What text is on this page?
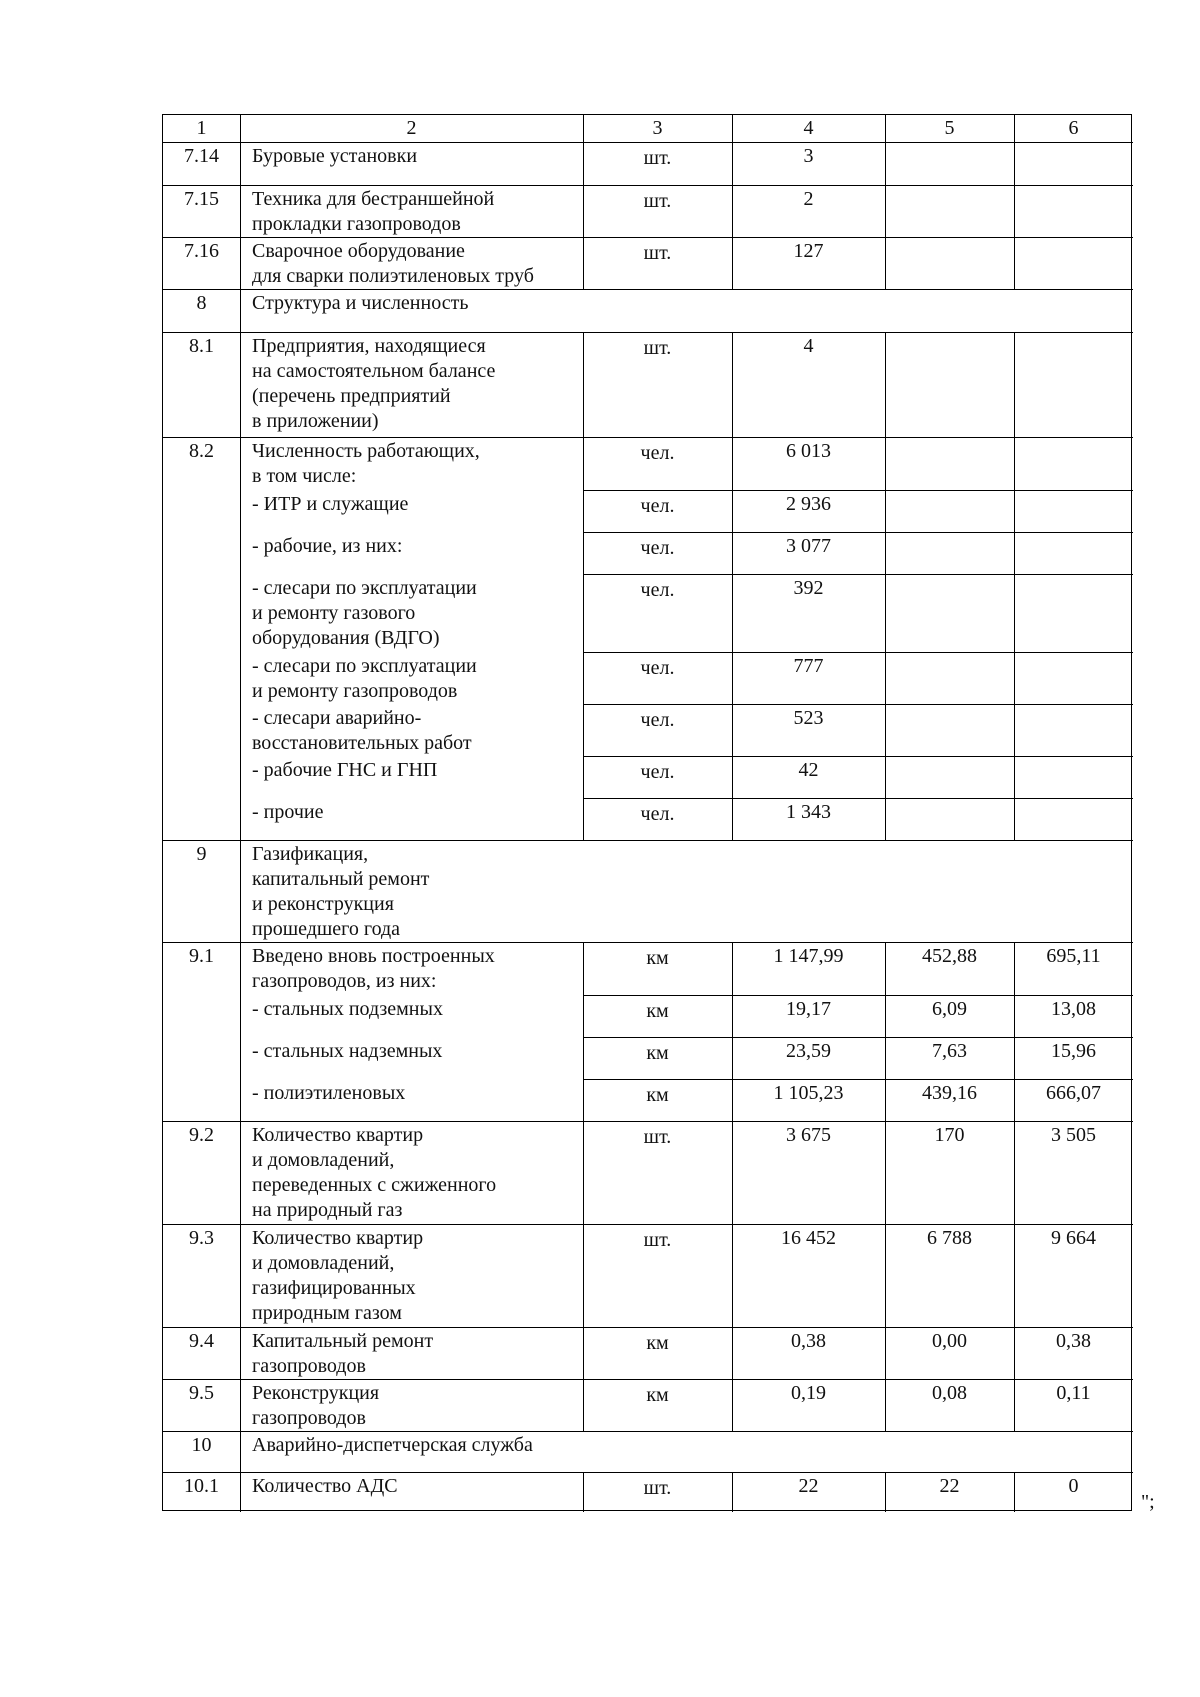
1	2	3	4	5	6
7.14	Буровые установки	шт.	3
7.15	Техника для бестраншейной
прокладки газопроводов
шт.	2
7.16	Сварочное оборудование
для сварки полиэтиленовых труб
шт.	127
8	Структура и численность
8.1	Предприятия, находящиеся
на самостоятельном балансе
(перечень предприятий
в приложении)
шт.	4
8.2	Численность работающих,
в том числе:
чел.	6 013
- ИТР и служащие	чел.	2 936
- рабочие, из них:	чел.	3 077
- слесари по эксплуатации
и ремонту газового
оборудования (ВДГО)
чел.	392
- слесари по эксплуатации
и ремонту газопроводов
чел.	777
- слесари аварийно-
восстановительных работ
чел.	523
- рабочие ГНС и ГНП	чел.	42
- прочие	чел.	1 343
9	Газификация,
капитальный ремонт
и реконструкция
прошедшего года
9.1	Введено вновь построенных
газопроводов, из них:
км	1 147,99	452,88	695,11
- стальных подземных	км	19,17	6,09	13,08
- стальных надземных	км	23,59	7,63	15,96
- полиэтиленовых	км	1 105,23	439,16	666,07
9.2	Количество квартир
и домовладений,
переведенных с сжиженного
на природный газ
шт.	3 675	170	3 505
9.3	Количество квартир
и домовладений,
газифицированных
природным газом
шт.	16 452	6 788	9 664
9.4	Капитальный ремонт
газопроводов
км	0,38	0,00	0,38
9.5	Реконструкция
газопроводов
км	0,19	0,08	0,11
10	Аварийно-диспетчерская служба
10.1	Количество АДС	шт.	22	22	0
";
